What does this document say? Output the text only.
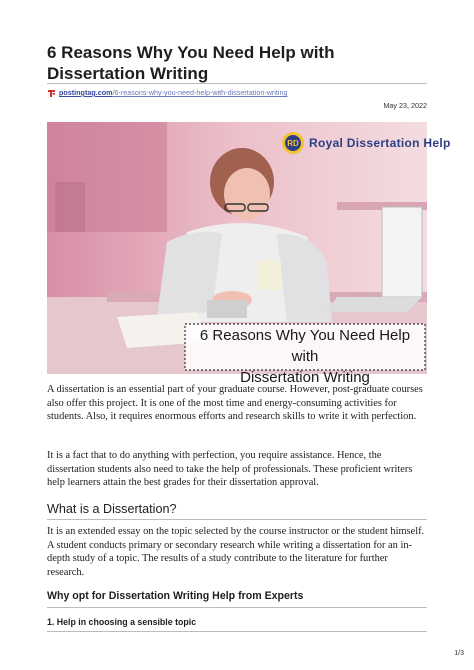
6 Reasons Why You Need Help with Dissertation Writing
postingtag.com /6-reasons-why-you-need-help-with-dissertation-writing
May 23, 2022
RD Royal Dissertation Help
6 Reasons Why You Need Help with
Dissertation Writing

A dissertation is an essential part of your graduate course. However, post-graduate courses also offer this project. It is one of the most time and energy-consuming activities for students. Also, it requires enormous efforts and research skills to write it with perfection.

It is a fact that to do anything with perfection, you require assistance. Hence, the dissertation students also need to take the help of professionals. These proficient writers help learners attain the best grades for their dissertation approval.

What is a Dissertation?

It is an extended essay on the topic selected by the course instructor or the student himself. A student conducts primary or secondary research while writing a dissertation for an in-depth study of a topic. The results of a study contribute to the literature for further research.

Why opt for Dissertation Writing Help from Experts
1. Help in choosing a sensible topic
1/3
